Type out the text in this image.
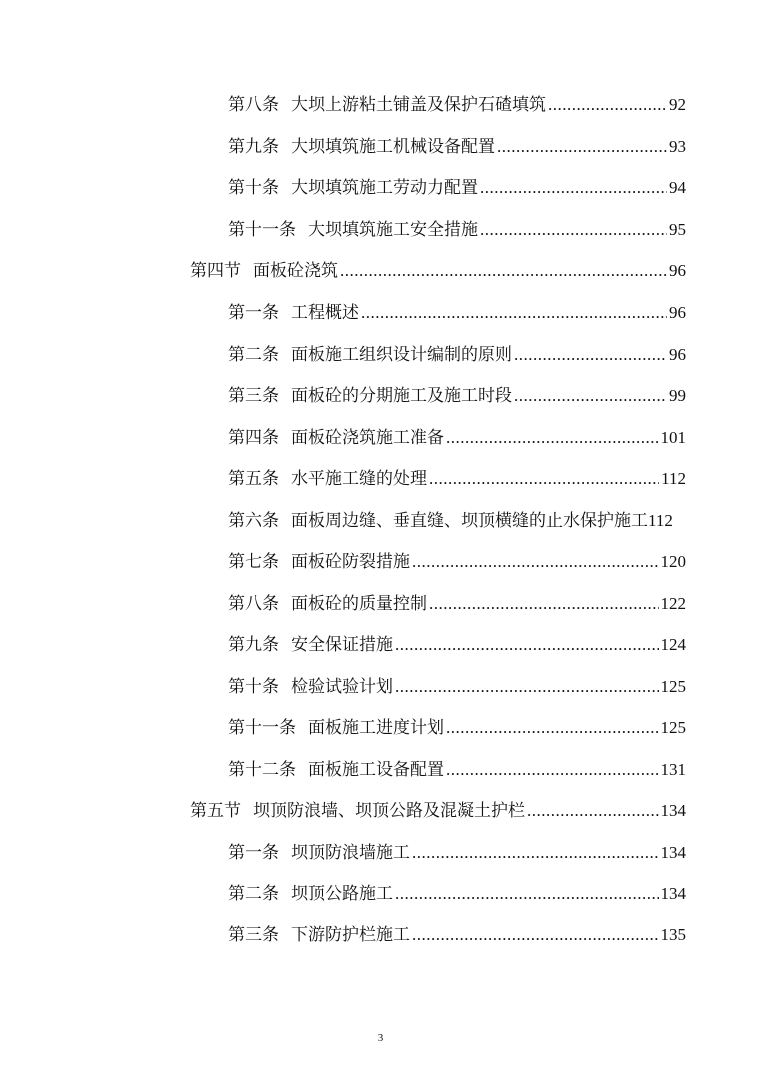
第八条 大坝上游粘土铺盖及保护石碴填筑 .....	92
第九条 大坝填筑施工机械设备配置 .....	93
第十条 大坝填筑施工劳动力配置 .....	94
第十一条 大坝填筑施工安全措施 .....	95
第四节 面板砼浇筑 .....	96
第一条 工程概述 .....	96
第二条 面板施工组织设计编制的原则 .....	96
第三条 面板砼的分期施工及施工时段 .....	99
第四条 面板砼浇筑施工准备 .....	101
第五条 水平施工缝的处理 .....	112
第六条 面板周边缝、垂直缝、坝顶横缝的止水保护施工 112
第七条 面板砼防裂措施 .....	120
第八条 面板砼的质量控制 .....	122
第九条 安全保证措施 .....	124
第十条 检验试验计划 .....	125
第十一条 面板施工进度计划 .....	125
第十二条 面板施工设备配置 .....	131
第五节 坝顶防浪墙、坝顶公路及混凝土护栏 .....	134
第一条 坝顶防浪墙施工 .....	134
第二条 坝顶公路施工 .....	134
第三条 下游防护栏施工 .....	135
3
